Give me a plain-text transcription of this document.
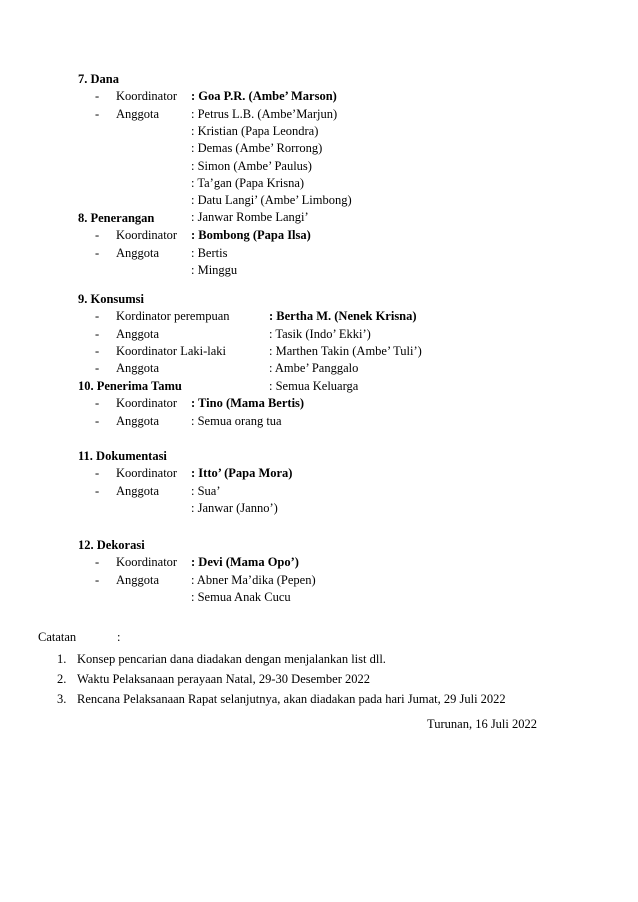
7. Dana
- Koordinator : Goa P.R. (Ambe’ Marson)
- Anggota	: Petrus L.B. (Ambe’Marjun)
: Kristian (Papa Leondra)
: Demas (Ambe’ Rorrong)
: Simon (Ambe’ Paulus)
: Ta’gan (Papa Krisna)
: Datu Langi’ (Ambe’ Limbong)
: Janwar Rombe Langi’
8. Penerangan
- Koordinator : Bombong (Papa Ilsa)
- Anggota	: Bertis
: Minggu
9. Konsumsi
- Kordinator perempuan	: Bertha M. (Nenek Krisna)
- Anggota	: Tasik (Indo’ Ekki’)
- Koordinator Laki-laki	: Marthen Takin (Ambe’ Tuli’)
- Anggota	: Ambe’ Panggalo
: Semua Keluarga
10. Penerima Tamu
- Koordinator : Tino (Mama Bertis)
- Anggota	: Semua orang tua
11. Dokumentasi
- Koordinator : Itto’ (Papa Mora)
- Anggota	: Sua’
: Janwar (Janno’)
12. Dekorasi
- Koordinator : Devi (Mama Opo’)
- Anggota	: Abner Ma’dika (Pepen)
: Semua Anak Cucu
Catatan	:
1. Konsep pencarian dana diadakan dengan menjalankan list dll.
2. Waktu Pelaksanaan perayaan Natal, 29-30 Desember 2022
3. Rencana Pelaksanaan Rapat selanjutnya, akan diadakan pada hari Jumat, 29 Juli 2022
Turunan, 16 Juli 2022
